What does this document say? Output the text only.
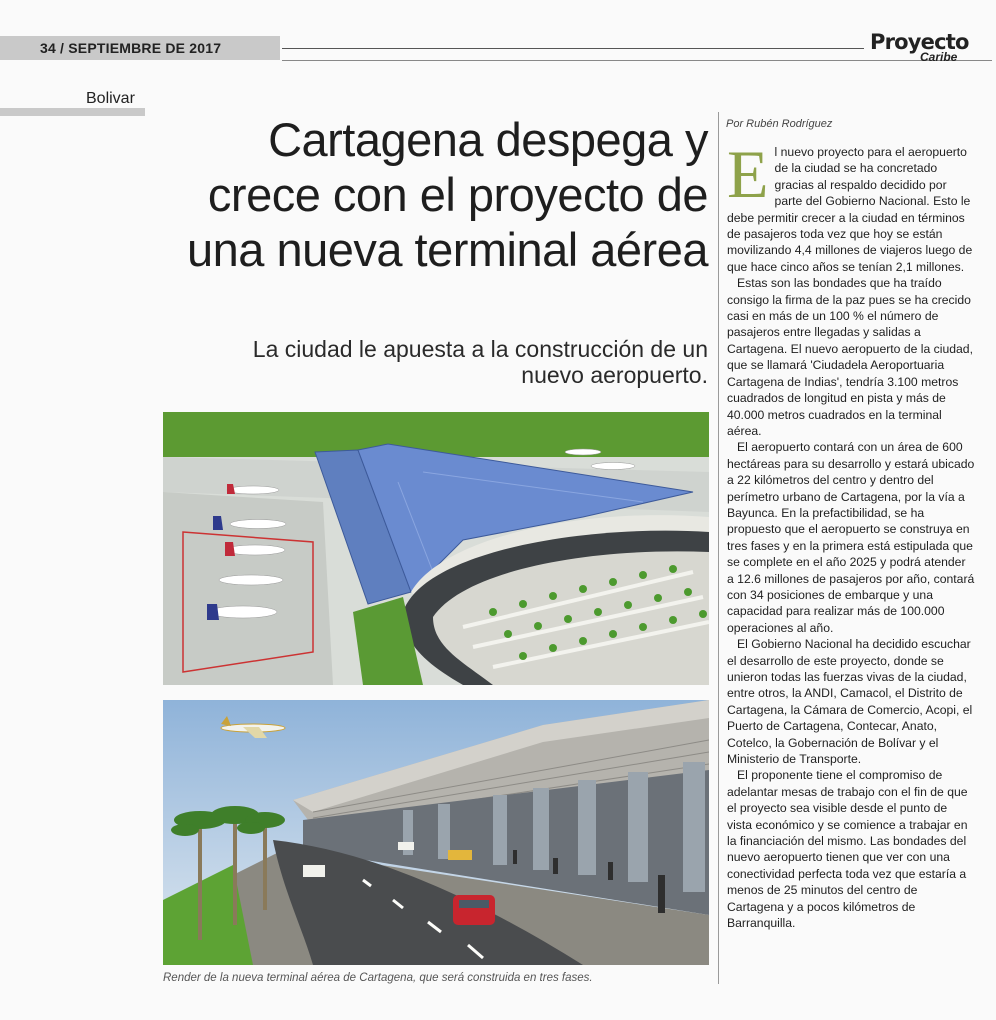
34 / SEPTIEMBRE DE 2017	Proyecto
Caribe
Bolivar
Cartagena despega y crece con el proyecto de una nueva terminal aérea
La ciudad le apuesta a la construcción de un nuevo aeropuerto.
Por Rubén Rodríguez

El nuevo proyecto para el aeropuerto de la ciudad se ha concretado gracias al respaldo decidido por parte del Gobierno Nacional. Esto le debe permitir crecer a la ciudad en términos de pasajeros toda vez que hoy se están movilizando 4,4 millones de viajeros luego de que hace cinco años se tenían 2,1 millones.

Estas son las bondades que ha traído consigo la firma de la paz pues se ha crecido casi en más de un 100 % el número de pasajeros entre llegadas y salidas a Cartagena. El nuevo aeropuerto de la ciudad, que se llamará 'Ciudadela Aeroportuaria Cartagena de Indias', tendría 3.100 metros cuadrados de longitud en pista y más de 40.000 metros cuadrados en la terminal aérea.

El aeropuerto contará con un área de 600 hectáreas para su desarrollo y estará ubicado a 22 kilómetros del centro y dentro del perímetro urbano de Cartagena, por la vía a Bayunca. En la prefactibilidad, se ha propuesto que el aeropuerto se construya en tres fases y en la primera está estipulada que se complete en el año 2025 y podrá atender a 12.6 millones de pasajeros por año, contará con 34 posiciones de embarque y una capacidad para realizar más de 100.000 operaciones al año.

El Gobierno Nacional ha decidido escuchar el desarrollo de este proyecto, donde se unieron todas las fuerzas vivas de la ciudad, entre otros, la ANDI, Camacol, el Distrito de Cartagena, la Cámara de Comercio, Acopi, el Puerto de Cartagena, Contecar, Anato, Cotelco, la Gobernación de Bolívar y el Ministerio de Transporte.

El proponente tiene el compromiso de adelantar mesas de trabajo con el fin de que el proyecto sea visible desde el punto de vista económico y se comience a trabajar en la financiación del mismo. Las bondades del nuevo aeropuerto tienen que ver con una conectividad perfecta toda vez que estaría a menos de 25 minutos del centro de Cartagena y a pocos kilómetros de Barranquilla.

Render de la nueva terminal aérea de Cartagena, que será construida en tres fases.
